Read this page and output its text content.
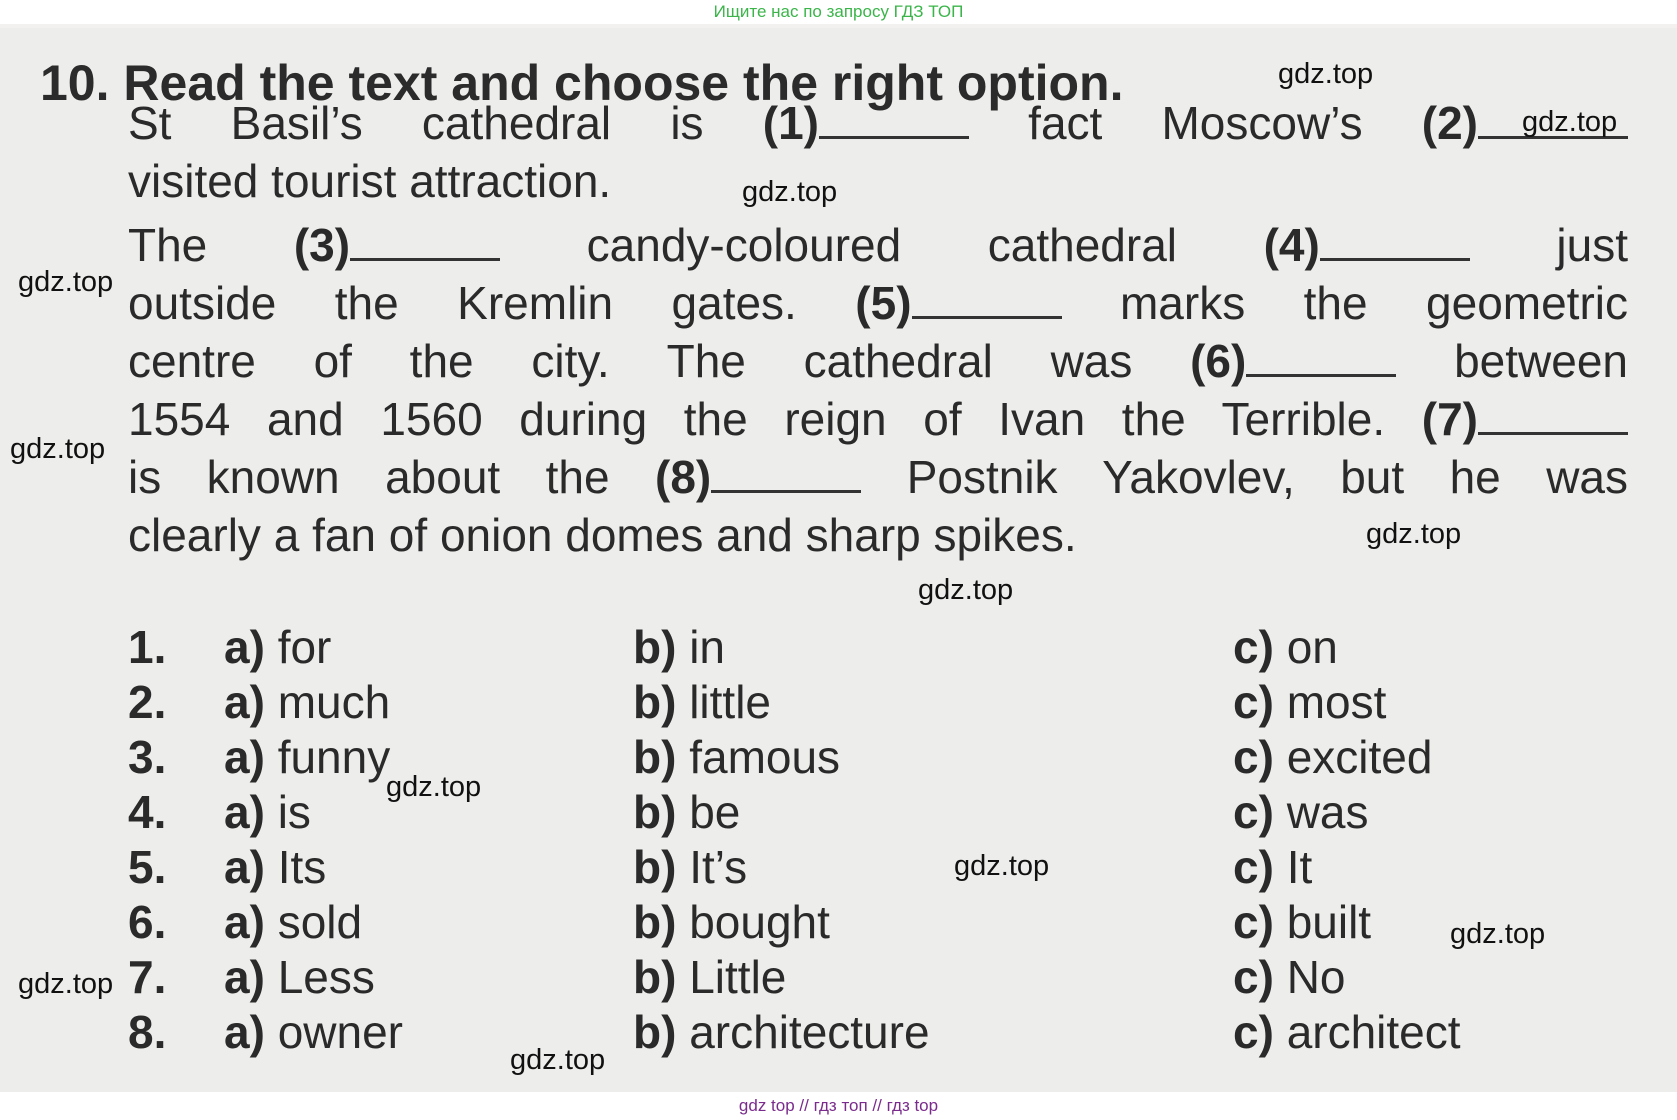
Ищите нас по запросу ГДЗ ТОП
10. Read the text and choose the right option.
St Basil’s cathedral is (1)	fact Moscow’s (2)
visited tourist attraction.
The (3)	candy-coloured cathedral (4)	just
outside the Kremlin gates. (5)	marks the geometric
centre of the city. The cathedral was (6)	between
1554 and 1560 during the reign of Ivan the Terrible. (7)
is known about the (8)	Postnik Yakovlev, but he was
clearly a fan of onion domes and sharp spikes.
1. a) for	b) in	c) on
2. a) much	b) little	c) most
3. a) funny	b) famous	c) excited
4. a) is	b) be	c) was
5. a) Its	b) It’s	c) It
6. a) sold	b) bought	c) built
7. a) Less	b) Little	c) No
8. a) owner	b) architecture	c) architect
gdz.top
gdz.top
gdz.top
gdz.top
gdz.top
gdz.top
gdz.top
gdz.top
gdz.top
gdz.top
gdz.top
gdz.top
gdz top // гдз топ // гдз top
